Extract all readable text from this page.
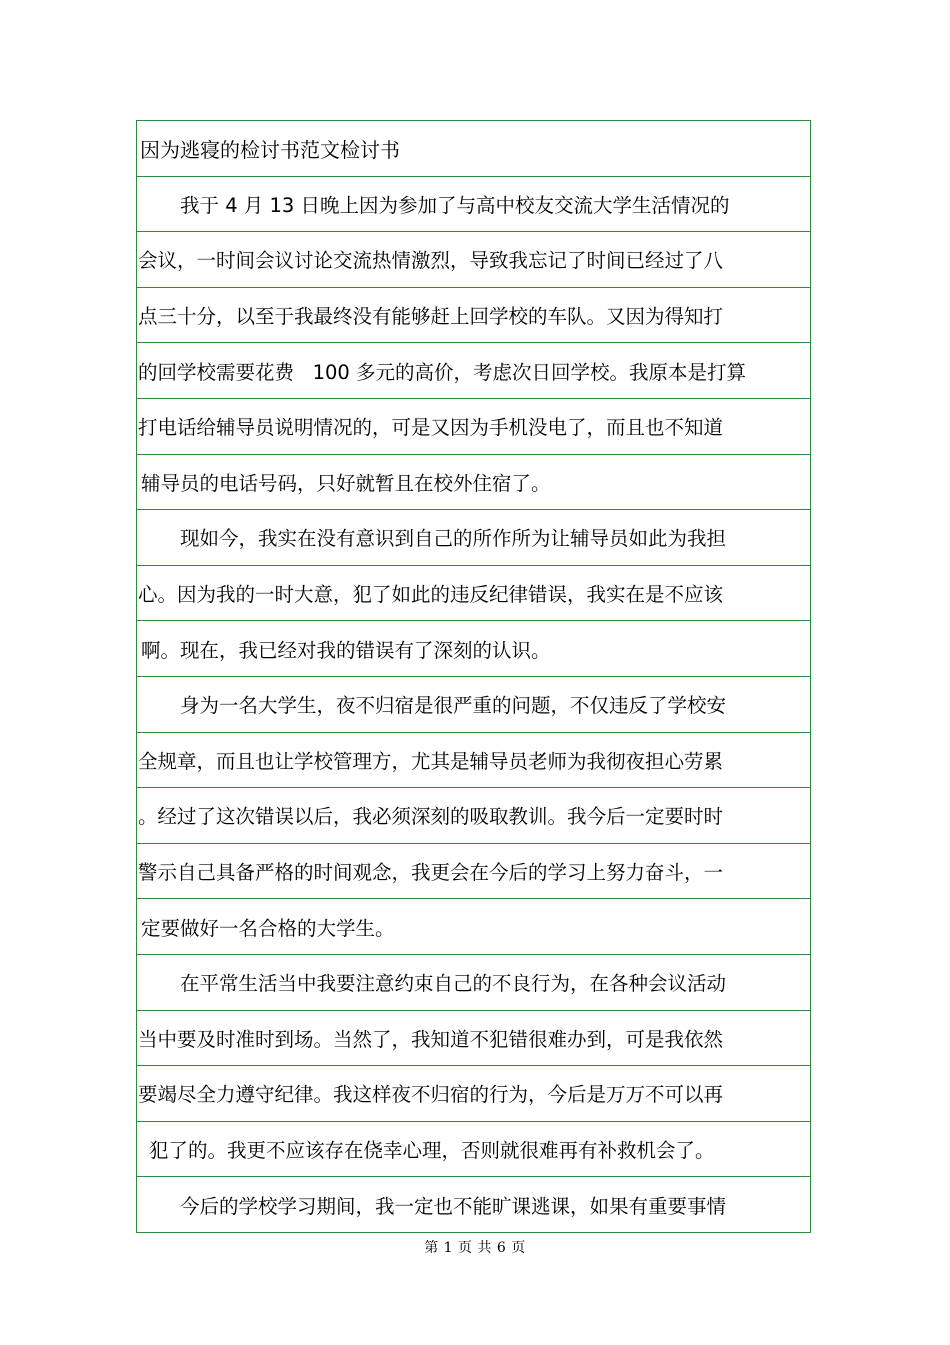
因为逃寝的检讨书范文检讨书
我于 4 月 13 日晚上因为参加了与高中校友交流大学生活情况的
会议，一时间会议讨论交流热情激烈，导致我忘记了时间已经过了八
点三十分，以至于我最终没有能够赶上回学校的车队。又因为得知打
的回学校需要花费   100 多元的高价，考虑次日回学校。我原本是打算
打电话给辅导员说明情况的，可是又因为手机没电了，而且也不知道
辅导员的电话号码，只好就暂且在校外住宿了。
现如今，我实在没有意识到自己的所作所为让辅导员如此为我担
心。因为我的一时大意，犯了如此的违反纪律错误，我实在是不应该
啊。现在，我已经对我的错误有了深刻的认识。
身为一名大学生，夜不归宿是很严重的问题，不仅违反了学校安
全规章，而且也让学校管理方，尤其是辅导员老师为我彻夜担心劳累
。经过了这次错误以后，我必须深刻的吸取教训。我今后一定要时时
警示自己具备严格的时间观念，我更会在今后的学习上努力奋斗，一
定要做好一名合格的大学生。
在平常生活当中我要注意约束自己的不良行为，在各种会议活动
当中要及时准时到场。当然了，我知道不犯错很难办到，可是我依然
要竭尽全力遵守纪律。我这样夜不归宿的行为，今后是万万不可以再
犯了的。我更不应该存在侥幸心理，否则就很难再有补救机会了。
今后的学校学习期间，我一定也不能旷课逃课，如果有重要事情
第 1 页 共 6 页
